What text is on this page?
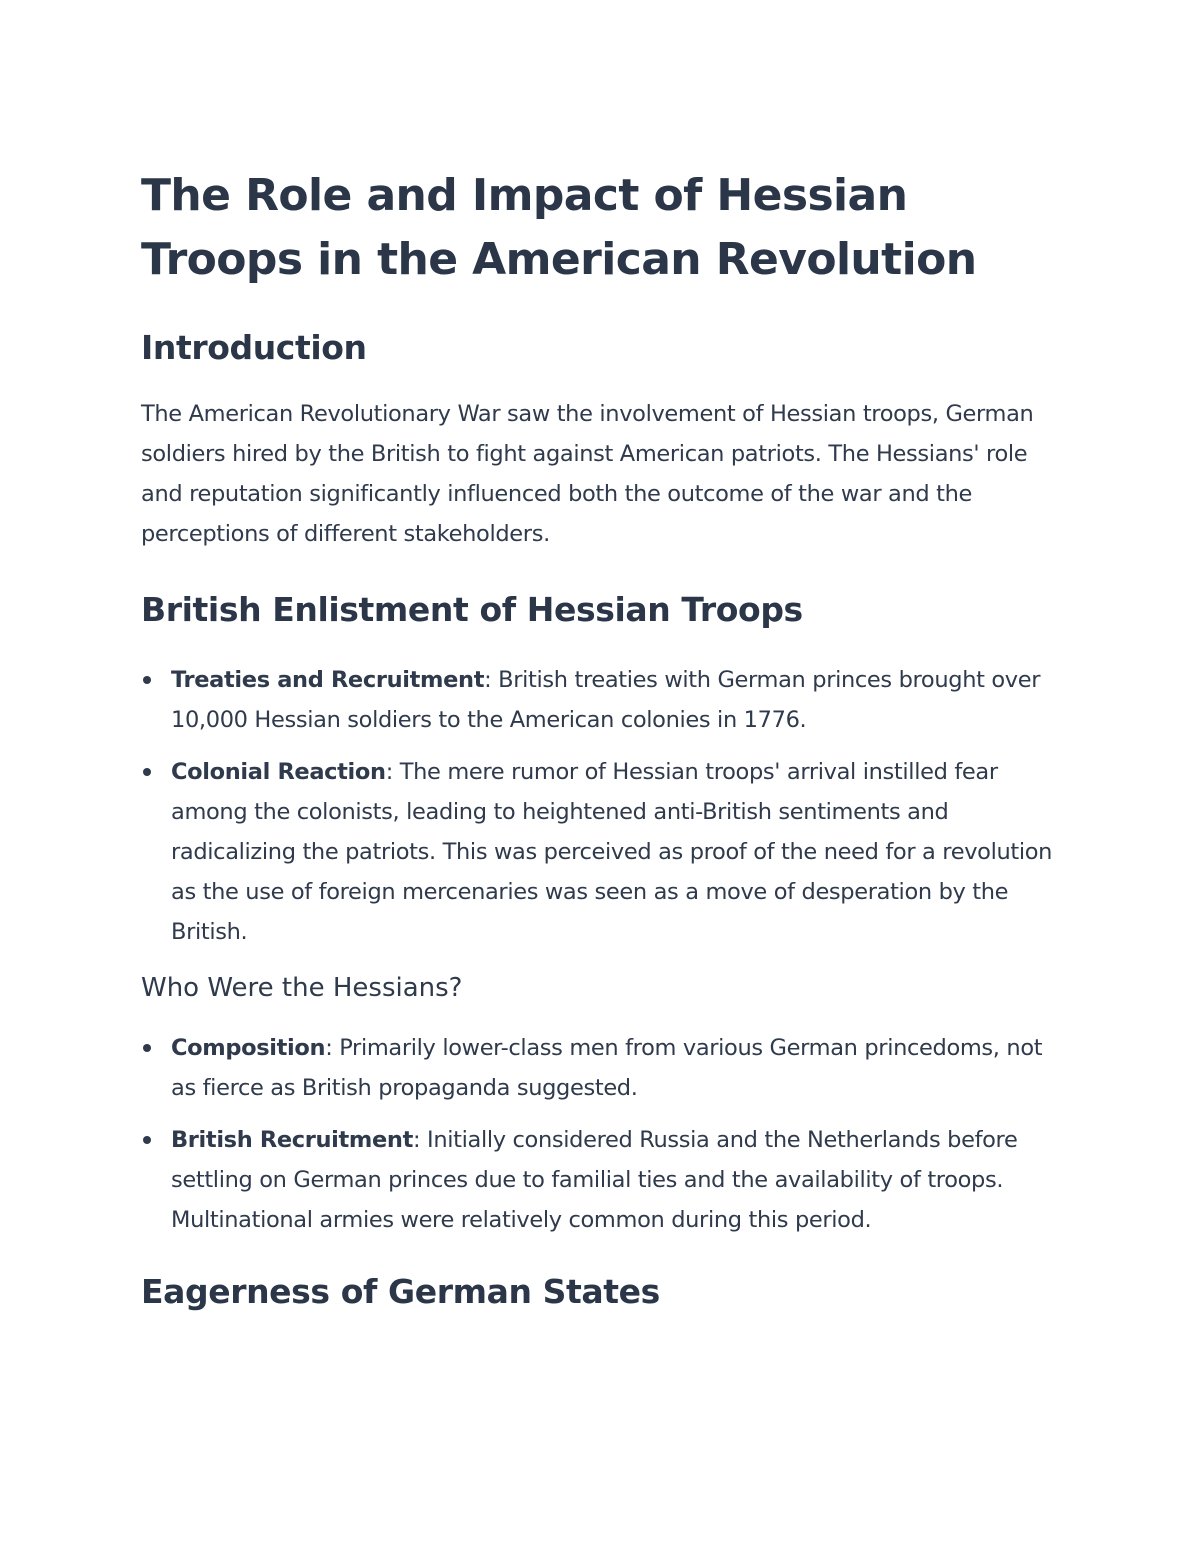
The Role and Impact of Hessian Troops in the American Revolution
Introduction

The American Revolutionary War saw the involvement of Hessian troops, German soldiers hired by the British to fight against American patriots. The Hessians' role and reputation significantly influenced both the outcome of the war and the perceptions of different stakeholders.

British Enlistment of Hessian Troops
Treaties and Recruitment: British treaties with German princes brought over 10,000 Hessian soldiers to the American colonies in 1776.
Colonial Reaction: The mere rumor of Hessian troops' arrival instilled fear among the colonists, leading to heightened anti-British sentiments and radicalizing the patriots. This was perceived as proof of the need for a revolution as the use of foreign mercenaries was seen as a move of desperation by the British.
Who Were the Hessians?
Composition: Primarily lower-class men from various German princedoms, not as fierce as British propaganda suggested.
British Recruitment: Initially considered Russia and the Netherlands before settling on German princes due to familial ties and the availability of troops. Multinational armies were relatively common during this period.
Eagerness of German States
